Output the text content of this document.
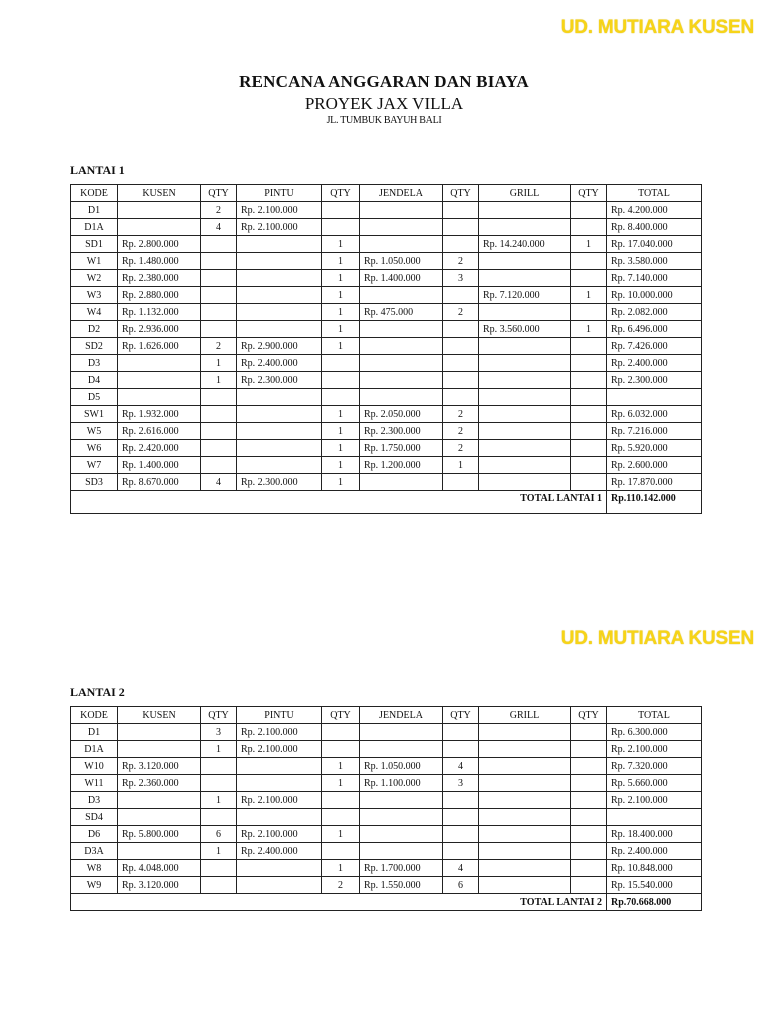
UD. MUTIARA KUSEN
RENCANA ANGGARAN DAN BIAYA
PROYEK JAX VILLA
JL. TUMBUK BAYUH BALI
LANTAI 1
KODE	KUSEN	QTY	PINTU	QTY	JENDELA	QTY	GRILL	QTY	TOTAL
D1		2	Rp. 2.100.000						Rp. 4.200.000
D1A		4	Rp. 2.100.000						Rp. 8.400.000
SD1	Rp. 2.800.000			1			Rp. 14.240.000	1	Rp. 17.040.000
W1	Rp. 1.480.000			1	Rp. 1.050.000	2			Rp. 3.580.000
W2	Rp. 2.380.000			1	Rp. 1.400.000	3			Rp. 7.140.000
W3	Rp. 2.880.000			1			Rp. 7.120.000	1	Rp. 10.000.000
W4	Rp. 1.132.000			1	Rp. 475.000	2			Rp. 2.082.000
D2	Rp. 2.936.000			1			Rp. 3.560.000	1	Rp. 6.496.000
SD2	Rp. 1.626.000	2	Rp. 2.900.000	1					Rp. 7.426.000
D3		1	Rp. 2.400.000						Rp. 2.400.000
D4		1	Rp. 2.300.000						Rp. 2.300.000
D5									
SW1	Rp. 1.932.000			1	Rp. 2.050.000	2			Rp. 6.032.000
W5	Rp. 2.616.000			1	Rp. 2.300.000	2			Rp. 7.216.000
W6	Rp. 2.420.000			1	Rp. 1.750.000	2			Rp. 5.920.000
W7	Rp. 1.400.000			1	Rp. 1.200.000	1			Rp. 2.600.000
SD3	Rp. 8.670.000	4	Rp. 2.300.000	1					Rp. 17.870.000
TOTAL LANTAI 1									Rp.110.142.000
UD. MUTIARA KUSEN
LANTAI 2
KODE	KUSEN	QTY	PINTU	QTY	JENDELA	QTY	GRILL	QTY	TOTAL
D1		3	Rp. 2.100.000						Rp. 6.300.000
D1A		1	Rp. 2.100.000						Rp. 2.100.000
W10	Rp. 3.120.000			1	Rp. 1.050.000	4			Rp. 7.320.000
W11	Rp. 2.360.000			1	Rp. 1.100.000	3			Rp. 5.660.000
D3		1	Rp. 2.100.000						Rp. 2.100.000
SD4									
D6	Rp. 5.800.000	6	Rp. 2.100.000	1					Rp. 18.400.000
D3A		1	Rp. 2.400.000						Rp. 2.400.000
W8	Rp. 4.048.000			1	Rp. 1.700.000	4			Rp. 10.848.000
W9	Rp. 3.120.000			2	Rp. 1.550.000	6			Rp. 15.540.000
TOTAL LANTAI 2									Rp.70.668.000
